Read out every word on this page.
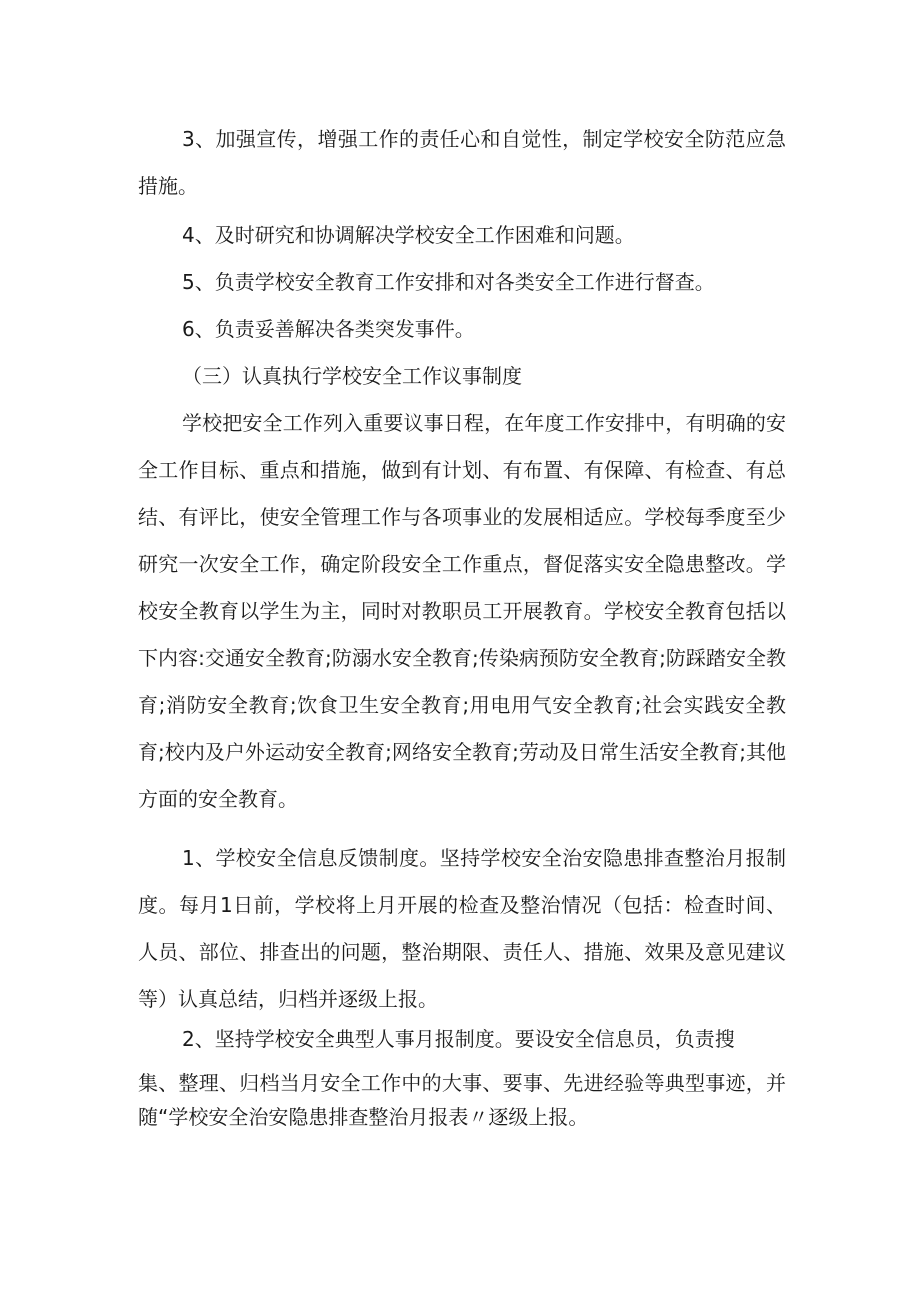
3、加强宣传，增强工作的责任心和自觉性，制定学校安全防范应急措施。

4、及时研究和协调解决学校安全工作困难和问题。

5、负责学校安全教育工作安排和对各类安全工作进行督查。

6、负责妥善解决各类突发事件。

（三）认真执行学校安全工作议事制度

学校把安全工作列入重要议事日程，在年度工作安排中，有明确的安全工作目标、重点和措施，做到有计划、有布置、有保障、有检查、有总结、有评比，使安全管理工作与各项事业的发展相适应。学校每季度至少研究一次安全工作，确定阶段安全工作重点，督促落实安全隐患整改。学校安全教育以学生为主，同时对教职员工开展教育。学校安全教育包括以下内容:交通安全教育;防溺水安全教育;传染病预防安全教育;防踩踏安全教育;消防安全教育;饮食卫生安全教育;用电用气安全教育;社会实践安全教育;校内及户外运动安全教育;网络安全教育;劳动及日常生活安全教育;其他方面的安全教育。

1、学校安全信息反馈制度。坚持学校安全治安隐患排查整治月报制度。每月1日前，学校将上月开展的检查及整治情况（包括：检查时间、人员、部位、排查出的问题，整治期限、责任人、措施、效果及意见建议等）认真总结，归档并逐级上报。

2、坚持学校安全典型人事月报制度。要设安全信息员，负责搜

集、整理、归档当月安全工作中的大事、要事、先进经验等典型事迹，并随“学校安全治安隐患排查整治月报表〃逐级上报。
